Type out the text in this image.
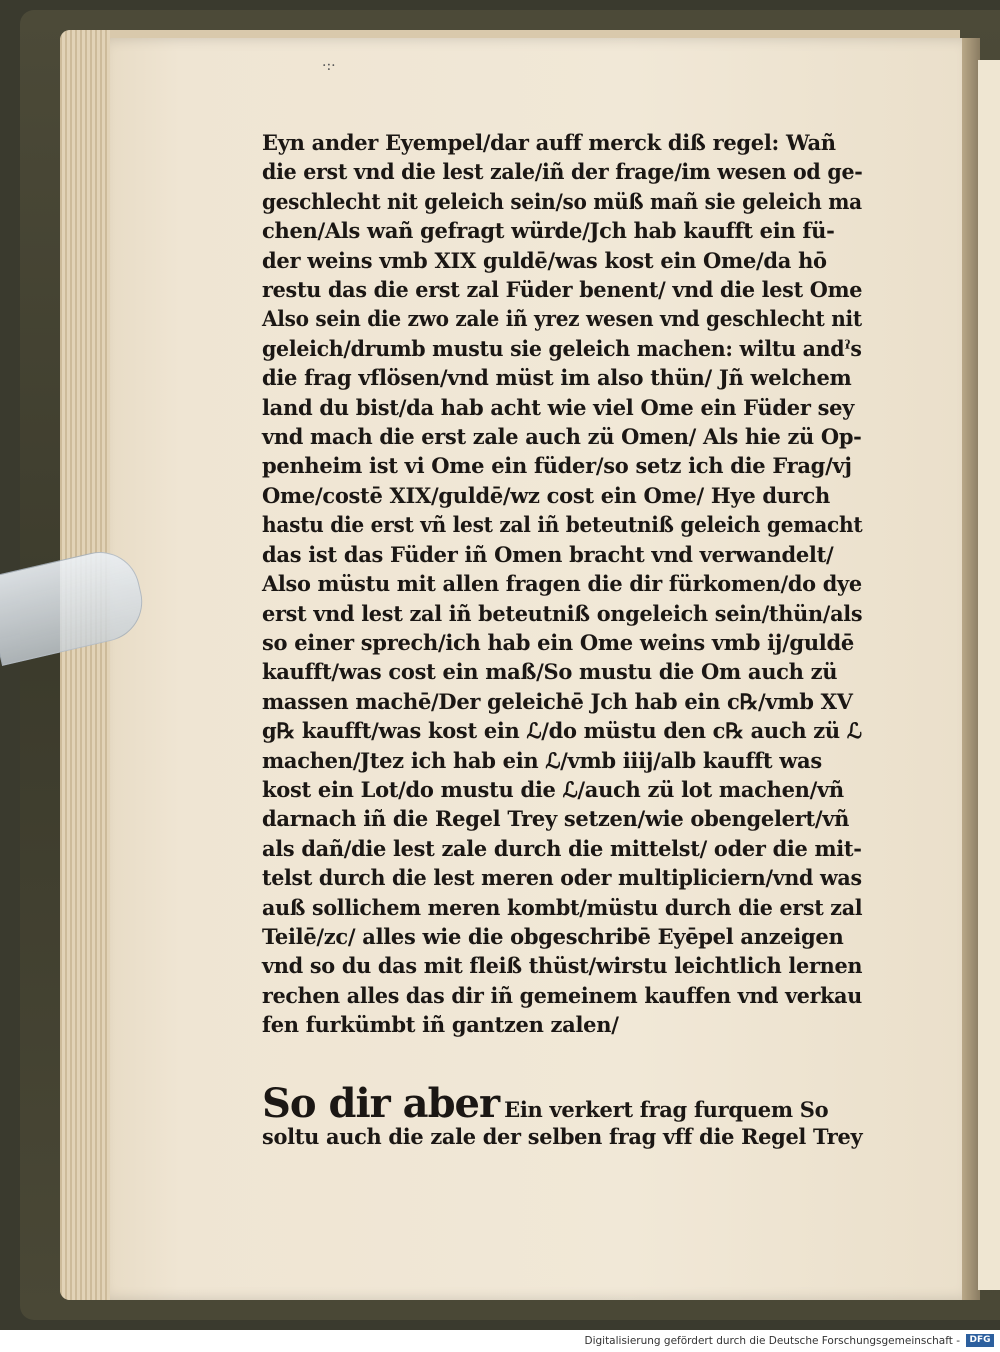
·:·
Eyn ander Eyempel/dar auff merck diß regel: Wañ
die erst vnd die lest zale/iñ der frage/im wesen od ge-
geschlecht nit geleich sein/so müß mañ sie geleich ma
chen/Als wañ gefragt würde/Jch hab kaufft ein fü-
der weins vmb XIX guldē/was kost ein Ome/da hō
restu das die erst zal Füder benent/ vnd die lest Ome
Also sein die zwo zale iñ yrez wesen vnd geschlecht nit
geleich/drumb mustu sie geleich machen: wiltu andˀs
die frag vflösen/vnd müst im also thün/ Jñ welchem
land du bist/da hab acht wie viel Ome ein Füder sey
vnd mach die erst zale auch zü Omen/ Als hie zü Op-
penheim ist vi Ome ein füder/so setz ich die Frag/vj
Ome/costē XIX/guldē/wz cost ein Ome/ Hye durch
hastu die erst vñ lest zal iñ beteutniß geleich gemacht
das ist das Füder iñ Omen bracht vnd verwandelt/
Also müstu mit allen fragen die dir fürkomen/do dye
erst vnd lest zal iñ beteutniß ongeleich sein/thün/als
so einer sprech/ich hab ein Ome weins vmb ij/guldē
kaufft/was cost ein maß/So mustu die Om auch zü
massen machē/Der geleichē Jch hab ein c℞/vmb XV
g℞ kaufft/was kost ein ℒ/do müstu den c℞ auch zü ℒ
machen/Jtez ich hab ein ℒ/vmb iiij/alb kaufft was
kost ein Lot/do mustu die ℒ/auch zü lot machen/vñ
darnach iñ die Regel Trey setzen/wie obengelert/vñ
als dañ/die lest zale durch die mittelst/ oder die mit-
telst durch die lest meren oder multipliciern/vnd was
auß sollichem meren kombt/müstu durch die erst zal
Teilē/zc/ alles wie die obgeschribē Eyēpel anzeigen
vnd so du das mit fleiß thüst/wirstu leichtlich lernen
rechen alles das dir iñ gemeinem kauffen vnd verkau
fen furkümbt iñ gantzen zalen/
So dir aber Ein verkert frag furquem So
soltu auch die zale der selben frag vff die Regel Trey
Digitalisierung gefördert durch die Deutsche Forschungsgemeinschaft -	DFG
